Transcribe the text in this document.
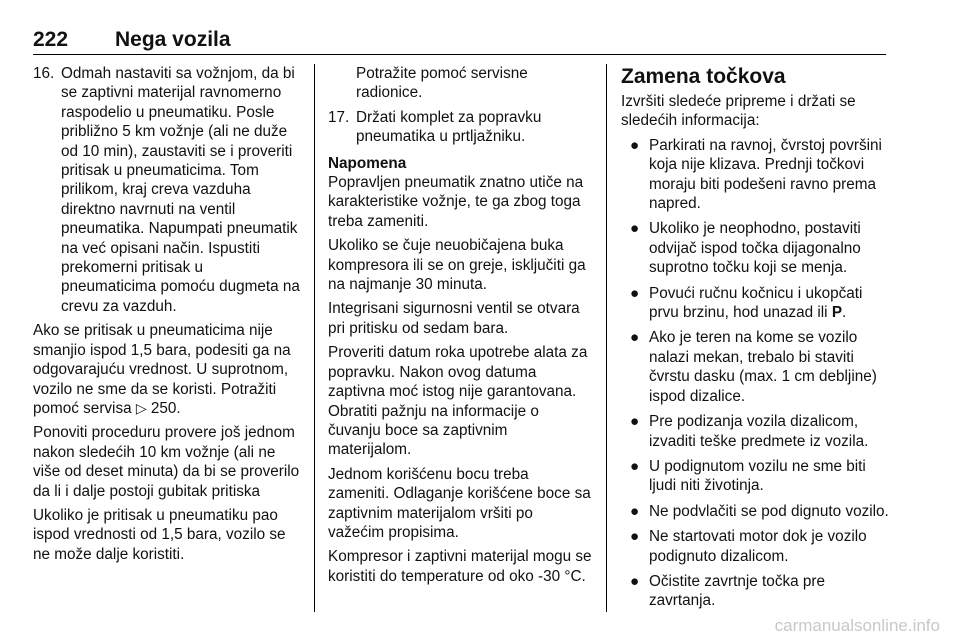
222 Nega vozila
16. Odmah nastaviti sa vožnjom, da bi se zaptivni materijal ravnomerno raspodelio u pneumatiku. Posle približno 5 km vožnje (ali ne duže od 10 min), zaustaviti se i proveriti pritisak u pneumaticima. Tom prilikom, kraj creva vazduha direktno navrnuti na ventil pneumatika. Napumpati pneumatik na već opisani način. Ispustiti prekomerni pritisak u pneumaticima pomoću dugmeta na crevu za vazduh.

Ako se pritisak u pneumaticima nije smanjio ispod 1,5 bara, podesiti ga na odgovarajuću vrednost. U suprotnom, vozilo ne sme da se koristi. Potražiti pomoć servisa ▷ 250.

Ponoviti proceduru provere još jednom nakon sledećih 10 km vožnje (ali ne više od deset minuta) da bi se proverilo da li i dalje postoji gubitak pritiska

Ukoliko je pritisak u pneumatiku pao ispod vrednosti od 1,5 bara, vozilo se ne može dalje koristiti.

Potražite pomoć servisne radionice.
17. Držati komplet za popravku pneumatika u prtljažniku.
Napomena
Popravljen pneumatik znatno utiče na karakteristike vožnje, te ga zbog toga treba zameniti.

Ukoliko se čuje neuobičajena buka kompresora ili se on greje, isključiti ga na najmanje 30 minuta.

Integrisani sigurnosni ventil se otvara pri pritisku od sedam bara.

Proveriti datum roka upotrebe alata za popravku. Nakon ovog datuma zaptivna moć istog nije garantovana. Obratiti pažnju na informacije o čuvanju boce sa zaptivnim materijalom.

Jednom korišćenu bocu treba zameniti. Odlaganje korišćene boce sa zaptivnim materijalom vršiti po važećim propisima.

Kompresor i zaptivni materijal mogu se koristiti do temperature od oko -30 °C.

Zamena točkova

Izvršiti sledeće pripreme i držati se sledećih informacija:

● Parkirati na ravnoj, čvrstoj površini koja nije klizava. Prednji točkovi moraju biti podešeni ravno prema napred.
● Ukoliko je neophodno, postaviti odvijač ispod točka dijagonalno suprotno točku koji se menja.
● Povući ručnu kočnicu i ukopčati prvu brzinu, hod unazad ili P.
● Ako je teren na kome se vozilo nalazi mekan, trebalo bi staviti čvrstu dasku (max. 1 cm debljine) ispod dizalice.
● Pre podizanja vozila dizalicom, izvaditi teške predmete iz vozila.
● U podignutom vozilu ne sme biti ljudi niti životinja.
● Ne podvlačiti se pod dignuto vozilo.
● Ne startovati motor dok je vozilo podignuto dizalicom.
● Očistite zavrtnje točka pre zavrtanja.
carmanualsonline.info
